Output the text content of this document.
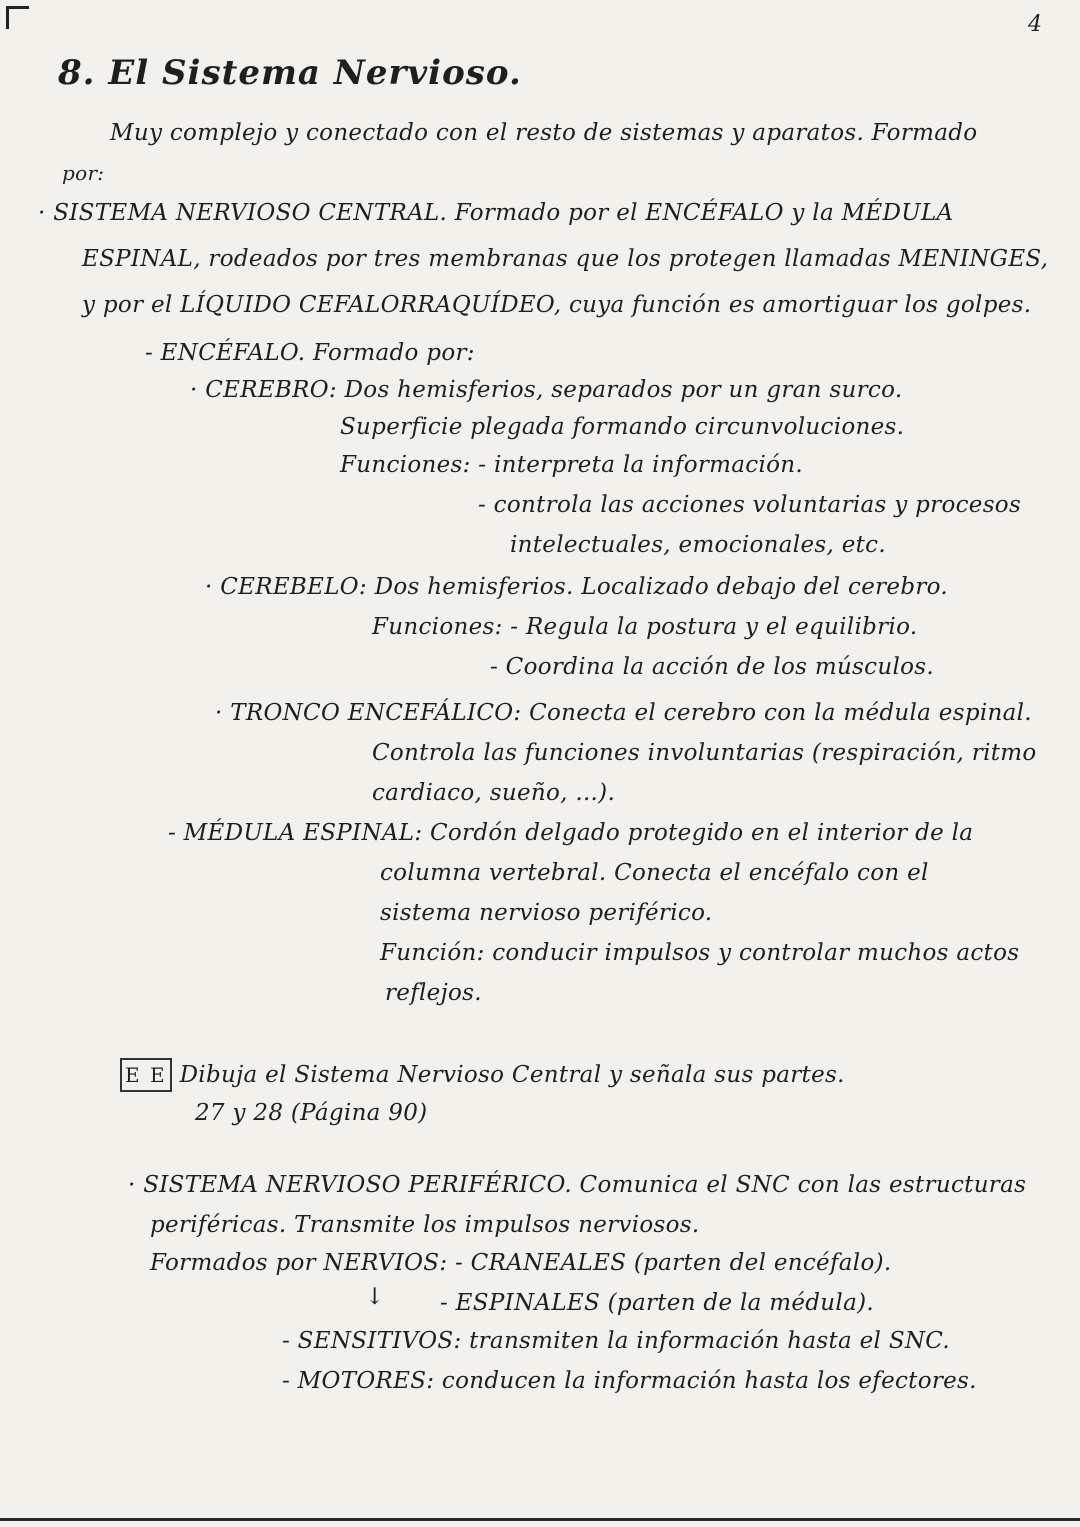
4
8. El Sistema Nervioso.
Muy complejo y conectado con el resto de sistemas y aparatos. Formado
por:
· SISTEMA NERVIOSO CENTRAL. Formado por el ENCÉFALO y la MÉDULA
ESPINAL, rodeados por tres membranas que los protegen llamadas MENINGES,
y por el LÍQUIDO CEFALORRAQUÍDEO, cuya función es amortiguar los golpes.
- ENCÉFALO. Formado por:
· CEREBRO: Dos hemisferios, separados por un gran surco.
Superficie plegada formando circunvoluciones.
Funciones: - interpreta la información.
- controla las acciones voluntarias y procesos
intelectuales, emocionales, etc.
· CEREBELO: Dos hemisferios. Localizado debajo del cerebro.
Funciones: - Regula la postura y el equilibrio.
- Coordina la acción de los músculos.
· TRONCO ENCEFÁLICO: Conecta el cerebro con la médula espinal.
Controla las funciones involuntarias (respiración, ritmo
cardiaco, sueño, ...).
- MÉDULA ESPINAL: Cordón delgado protegido en el interior de la
columna vertebral. Conecta el encéfalo con el
sistema nervioso periférico.
Función: conducir impulsos y controlar muchos actos
reflejos.
E E Dibuja el Sistema Nervioso Central y señala sus partes.
27 y 28 (Página 90)
· SISTEMA NERVIOSO PERIFÉRICO. Comunica el SNC con las estructuras
periféricas. Transmite los impulsos nerviosos.
Formados por NERVIOS: - CRANEALES (parten del encéfalo).
↓ - ESPINALES (parten de la médula).
- SENSITIVOS: transmiten la información hasta el SNC.
- MOTORES: conducen la información hasta los efectores.
